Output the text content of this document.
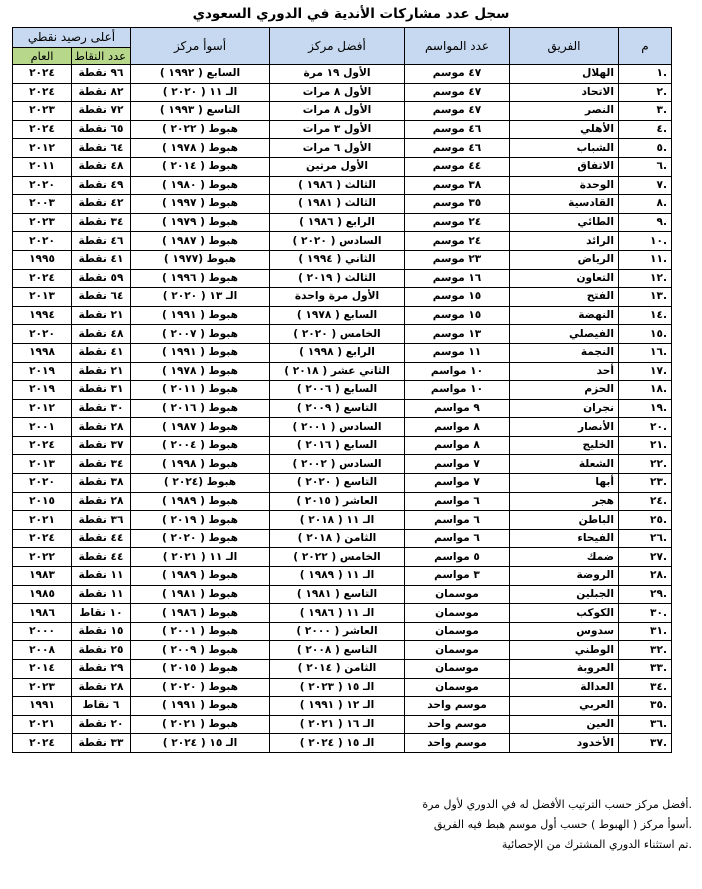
سجل عدد مشاركات الأندية في الدوري السعودي
م	الفريق	عدد المواسم	أفضل مركز	أسوأ مركز	أعلى رصيد نقطي	
					عدد النقاط	العام
.١	الهلال	٤٧ موسم	الأول ١٩ مرة	السابع ( ١٩٩٢ )	٩٦ نقطة	٢٠٢٤
.٢	الاتحاد	٤٧ موسم	الأول ٨ مرات	الـ ١١ ( ٢٠٢٠ )	٨٢ نقطة	٢٠٢٤
.٣	النصر	٤٧ موسم	الأول ٨ مرات	التاسع ( ١٩٩٣ )	٧٢ نقطة	٢٠٢٣
.٤	الأهلي	٤٦ موسم	الأول ٣ مرات	هبوط ( ٢٠٢٢ )	٦٥ نقطة	٢٠٢٤
.٥	الشباب	٤٦ موسم	الأول ٦ مرات	هبوط ( ١٩٧٨ )	٦٤ نقطة	٢٠١٢
.٦	الاتفاق	٤٤ موسم	الأول مرتين	هبوط ( ٢٠١٤ )	٤٨ نقطة	٢٠١١
.٧	الوحدة	٣٨ موسم	الثالث ( ١٩٨٦ )	هبوط ( ١٩٨٠ )	٤٩ نقطة	٢٠٢٠
.٨	القادسية	٣٥ موسم	الثالث ( ١٩٨١ )	هبوط ( ١٩٩٧ )	٤٢ نقطة	٢٠٠٣
.٩	الطائي	٢٤ موسم	الرابع ( ١٩٨٦ )	هبوط ( ١٩٧٩ )	٣٤ نقطة	٢٠٢٣
.١٠	الرائد	٢٤ موسم	السادس ( ٢٠٢٠ )	هبوط ( ١٩٨٧ )	٤٦ نقطة	٢٠٢٠
.١١	الرياض	٢٣ موسم	الثاني ( ١٩٩٤ )	هبوط (١٩٧٧ )	٤١ نقطة	١٩٩٥
.١٢	التعاون	١٦ موسم	الثالث ( ٢٠١٩ )	هبوط ( ١٩٩٦ )	٥٩ نقطة	٢٠٢٤
.١٣	الفتح	١٥ موسم	الأول مرة واحدة	الـ ١٣ ( ٢٠٢٠ )	٦٤ نقطة	٢٠١٣
.١٤	النهضة	١٥ موسم	السابع ( ١٩٧٨ )	هبوط ( ١٩٩١ )	٢١ نقطة	١٩٩٤
.١٥	الفيصلي	١٣ موسم	الخامس ( ٢٠٢٠ )	هبوط ( ٢٠٠٧ )	٤٨ نقطة	٢٠٢٠
.١٦	النجمة	١١ موسم	الرابع ( ١٩٩٨ )	هبوط ( ١٩٩١ )	٤١ نقطة	١٩٩٨
.١٧	أحد	١٠ مواسم	الثاني عشر ( ٢٠١٨ )	هبوط ( ١٩٧٨ )	٢١ نقطة	٢٠١٩
.١٨	الحزم	١٠ مواسم	السابع ( ٢٠٠٦ )	هبوط ( ٢٠١١ )	٣١ نقطة	٢٠١٩
.١٩	نجران	٩ مواسم	التاسع ( ٢٠٠٩ )	هبوط ( ٢٠١٦ )	٣٠ نقطة	٢٠١٢
.٢٠	الأنصار	٨ مواسم	السادس ( ٢٠٠١ )	هبوط ( ١٩٨٧ )	٢٨ نقطة	٢٠٠١
.٢١	الخليج	٨ مواسم	السابع ( ٢٠١٦ )	هبوط ( ٢٠٠٤ )	٣٧ نقطة	٢٠٢٤
.٢٢	الشعلة	٧ مواسم	السادس ( ٢٠٠٢ )	هبوط ( ١٩٩٨ )	٣٤ نقطة	٢٠١٣
.٢٣	أبها	٧ مواسم	التاسع ( ٢٠٢٠ )	هبوط (٢٠٢٤ )	٣٨ نقطة	٢٠٢٠
.٢٤	هجر	٦ مواسم	العاشر ( ٢٠١٥ )	هبوط ( ١٩٨٩ )	٢٨ نقطة	٢٠١٥
.٢٥	الباطن	٦ مواسم	الـ ١١ ( ٢٠١٨ )	هبوط ( ٢٠١٩ )	٣٦ نقطة	٢٠٢١
.٢٦	الفيحاء	٦ مواسم	الثامن ( ٢٠١٨ )	هبوط ( ٢٠٢٠ )	٤٤ نقطة	٢٠٢٤
.٢٧	ضمك	٥ مواسم	الخامس ( ٢٠٢٢ )	الـ ١١ ( ٢٠٢١ )	٤٤ نقطة	٢٠٢٢
.٢٨	الروضة	٣ مواسم	الـ ١١ ( ١٩٨٩ )	هبوط ( ١٩٨٩ )	١١ نقطة	١٩٨٣
.٢٩	الجبلين	موسمان	التاسع ( ١٩٨١ )	هبوط ( ١٩٨١ )	١١ نقطة	١٩٨٥
.٣٠	الكوكب	موسمان	الـ ١١ ( ١٩٨٦ )	هبوط ( ١٩٨٦ )	١٠ نقاط	١٩٨٦
.٣١	سدوس	موسمان	العاشر ( ٢٠٠٠ )	هبوط ( ٢٠٠١ )	١٥ نقطة	٢٠٠٠
.٣٢	الوطني	موسمان	التاسع ( ٢٠٠٨ )	هبوط ( ٢٠٠٩ )	٢٥ نقطة	٢٠٠٨
.٣٣	العروبة	موسمان	الثامن ( ٢٠١٤ )	هبوط ( ٢٠١٥ )	٢٩ نقطة	٢٠١٤
.٣٤	العدالة	موسمان	الـ ١٥ ( ٢٠٢٣ )	هبوط ( ٢٠٢٠ )	٢٨ نقطة	٢٠٢٣
.٣٥	العربي	موسم واحد	الـ ١٢ ( ١٩٩١ )	هبوط ( ١٩٩١ )	٦ نقاط	١٩٩١
.٣٦	العين	موسم واحد	الـ ١٦ ( ٢٠٢١ )	هبوط ( ٢٠٢١ )	٢٠ نقطة	٢٠٢١
.٣٧	الأخدود	موسم واحد	الـ ١٥ ( ٢٠٢٤ )	الـ ١٥ ( ٢٠٢٤ )	٣٣ نقطة	٢٠٢٤
.أفضل مركز حسب الترتيب الأفضل له في الدوري لأول مرة
.أسوأ مركز ( الهبوط ) حسب أول موسم هبط فيه الفريق
.تم استثناء الدوري المشترك من الإحصائية
